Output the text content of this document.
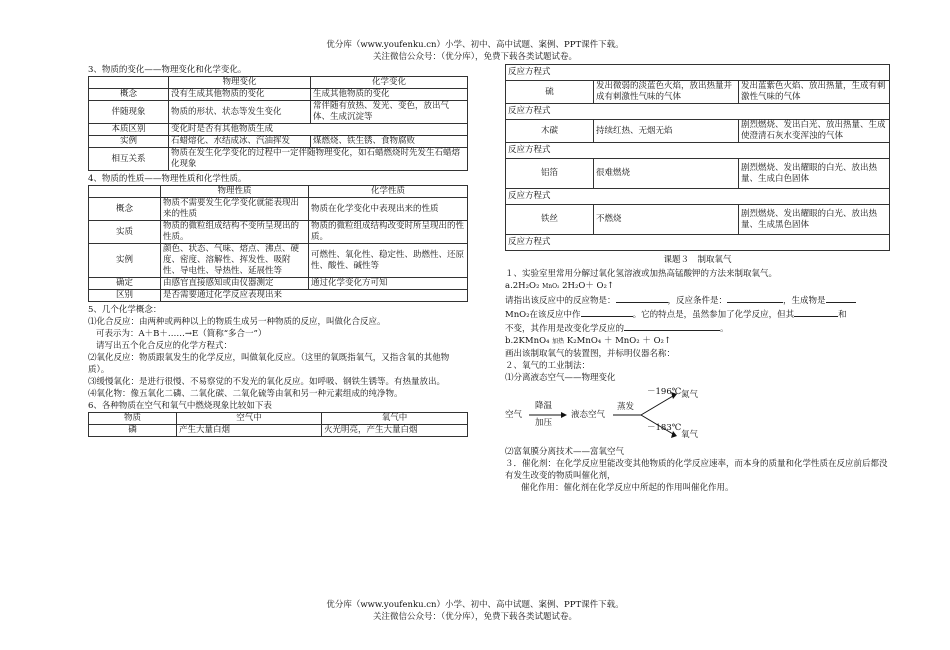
优分库（www.youfenku.cn）小学、初中、高中试题、案例、PPT课件下载。

关注微信公众号：（优分库），免费下载各类试题试卷。

3、物质的变化——物理变化和化学变化。

	物理变化	化学变化
概念	没有生成其他物质的变化	生成其他物质的变化
伴随现象	物质的形状、状态等发生变化	常伴随有放热、发光、变色，放出气体、生成沉淀等
本质区别	变化时是否有其他物质生成	
实例	石蜡熔化、水结成冰、汽油挥发	煤燃烧、铁生锈、食物腐败
相互关系	物质在发生化学变化的过程中一定伴随物理变化，如石蜡燃烧时先发生石蜡熔化现象	

4、物质的性质——物理性质和化学性质。

	物理性质	化学性质
概念	物质不需要发生化学变化就能表现出来的性质	物质在化学变化中表现出来的性质
实质	物质的微粒组成结构不变所呈现出的性质。	物质的微粒组成结构改变时所呈现出的性质。
实例	颜色、状态、气味、熔点、沸点、硬度、密度、溶解性、挥发性、吸附性、导电性、导热性、延展性等	可燃性、氧化性、稳定性、助燃性、还原性、酸性、碱性等
确定	由感官直接感知或由仪器测定	通过化学变化方可知
区别	是否需要通过化学反应表现出来	

5、几个化学概念：

⑴化合反应：由两种或两种以上的物质生成另一种物质的反应，叫做化合反应。

可表示为：A＋B＋……→E（简称“多合一”）

请写出五个化合反应的化学方程式：

⑵氧化反应：物质跟氧发生的化学反应，叫做氧化反应。（这里的氧既指氧气，又指含氧的其他物质）。

⑶缓慢氧化：是进行很慢、不易察觉的不发光的氧化反应。如呼吸、钢铁生锈等。有热量放出。

⑷氧化物：像五氧化二磷、二氧化碳、二氧化硫等由氧和另一种元素组成的纯净物。

6、各种物质在空气和氧气中燃烧现象比较如下表

物质	空气中	氧气中
磷	产生大量白烟	火光明亮，产生大量白烟
反应方程式		
硫	发出微弱的淡蓝色火焰，放出热量并成有刺激性气味的气体	发出蓝紫色火焰、放出热量，生成有刺激性气味的气体
反应方程式		
木碳	持续红热、无烟无焰	剧烈燃烧、发出白光、放出热量、生成使澄清石灰水变浑浊的气体
反应方程式		
铝箔	很难燃烧	剧烈燃烧、发出耀眼的白光、放出热量、生成白色固体
反应方程式		
铁丝	不燃烧	剧烈燃烧、发出耀眼的白光、放出热量、生成黑色固体
反应方程式		

课题３　制取氧气

１、实验室里常用分解过氧化氢溶液或加热高锰酸钾的方法来制取氧气。

a.2H₂O₂ MnO₂ 2H₂O＋ O₂↑

请指出该反应中的反应物是：	，反应条件是：	，生成物是

MnO₂在该反应中作	。它的特点是，虽然参加了化学反应，但其	和

不变，其作用是改变化学反应的	。

b.2KMnO₄ 加热 K₂MnO₄ ＋ MnO₂ ＋ O₂↑

画出该制取氧气的装置图，并标明仪器名称：

２、氧气的工业制法：

⑴分离液态空气——物理变化

空气
降温
加压
液态空气
蒸发
－196℃ 氮气
－183℃
氧气

⑵富氧膜分离技术——富氧空气

３．催化剂：在化学反应里能改变其他物质的化学反应速率，而本身的质量和化学性质在反应前后都没有发生改变的物质叫催化剂，

催化作用：催化剂在化学反应中所起的作用叫催化作用。

优分库（www.youfenku.cn）小学、初中、高中试题、案例、PPT课件下载。

关注微信公众号：（优分库），免费下载各类试题试卷。
